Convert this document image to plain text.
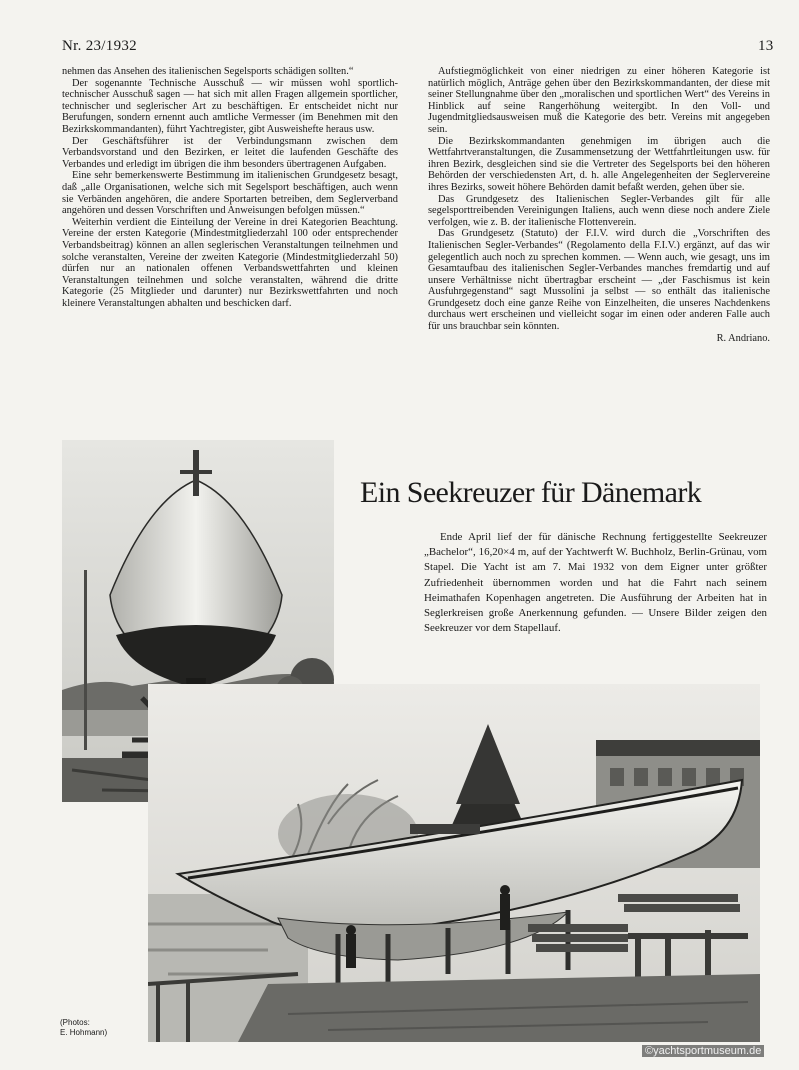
Nr. 23/1932	13

nehmen das Ansehen des italienischen Segelsports schädigen sollten.“

Der sogenannte Technische Ausschuß — wir müssen wohl sportlich-technischer Ausschuß sagen — hat sich mit allen Fragen allgemein sportlicher, technischer und seglerischer Art zu beschäftigen. Er entscheidet nicht nur Berufungen, sondern ernennt auch amtliche Vermesser (im Benehmen mit den Bezirkskommandanten), führt Yachtregister, gibt Ausweishefte heraus usw.

Der Geschäftsführer ist der Verbindungsmann zwischen dem Verbandsvorstand und den Bezirken, er leitet die laufenden Geschäfte des Verbandes und erledigt im übrigen die ihm besonders übertragenen Aufgaben.

Eine sehr bemerkenswerte Bestimmung im italienischen Grundgesetz besagt, daß „alle Organisationen, welche sich mit Segelsport beschäftigen, auch wenn sie Verbänden angehören, die andere Sportarten betreiben, dem Seglerverband angehören und dessen Vorschriften und Anweisungen befolgen müssen.“

Weiterhin verdient die Einteilung der Vereine in drei Kategorien Beachtung. Vereine der ersten Kategorie (Mindestmitgliederzahl 100 oder entsprechender Verbandsbeitrag) können an allen seglerischen Veranstaltungen teilnehmen und solche veranstalten, Vereine der zweiten Kategorie (Mindestmitgliederzahl 50) dürfen nur an nationalen offenen Verbandswettfahrten und kleinen Veranstaltungen teilnehmen und solche veranstalten, während die dritte Kategorie (25 Mitglieder und darunter) nur Bezirkswettfahrten und noch kleinere Veranstaltungen abhalten und beschicken darf.

Aufstiegmöglichkeit von einer niedrigen zu einer höheren Kategorie ist natürlich möglich, Anträge gehen über den Bezirkskommandanten, der diese mit seiner Stellungnahme über den „moralischen und sportlichen Wert“ des Vereins in Hinblick auf seine Rangerhöhung weitergibt. In den Voll- und Jugendmitgliedsausweisen muß die Kategorie des betr. Vereins mit angegeben sein.

Die Bezirkskommandanten genehmigen im übrigen auch die Wettfahrtveranstaltungen, die Zusammensetzung der Wettfahrtleitungen usw. für ihren Bezirk, desgleichen sind sie die Vertreter des Segelsports bei den höheren Behörden der verschiedensten Art, d. h. alle Angelegenheiten der Seglervereine ihres Bezirks, soweit höhere Behörden damit befaßt werden, gehen über sie.

Das Grundgesetz des Italienischen Segler-Verbandes gilt für alle segelsporttreibenden Vereinigungen Italiens, auch wenn diese noch andere Ziele verfolgen, wie z. B. der italienische Flottenverein.

Das Grundgesetz (Statuto) der F.I.V. wird durch die „Vorschriften des Italienischen Segler-Verbandes“ (Regolamento della F.I.V.) ergänzt, auf das wir gelegentlich auch noch zu sprechen kommen. — Wenn auch, wie gesagt, uns im Gesamtaufbau des italienischen Segler-Verbandes manches fremdartig und auf unsere Verhältnisse nicht übertragbar erscheint — „der Faschismus ist kein Ausfuhrgegenstand“ sagt Mussolini ja selbst — so enthält das italienische Grundgesetz doch eine ganze Reihe von Einzelheiten, die unseres Nachdenkens durchaus wert erscheinen und vielleicht sogar im einen oder anderen Falle auch für uns brauchbar sein könnten.

R. Andriano.

Ein Seekreuzer für Dänemark

Ende April lief der für dänische Rechnung fertiggestellte Seekreuzer „Bachelor“, 16,20×4 m, auf der Yachtwerft W. Buchholz, Berlin-Grünau, vom Stapel. Die Yacht ist am 7. Mai 1932 von dem Eigner unter größter Zufriedenheit übernommen worden und hat die Fahrt nach seinem Heimathafen Kopenhagen angetreten. Die Ausführung der Arbeiten hat in Seglerkreisen große Anerkennung gefunden. — Unsere Bilder zeigen den Seekreuzer vor dem Stapellauf.

(Photos:
E. Hohmann)
©yachtsportmuseum.de
